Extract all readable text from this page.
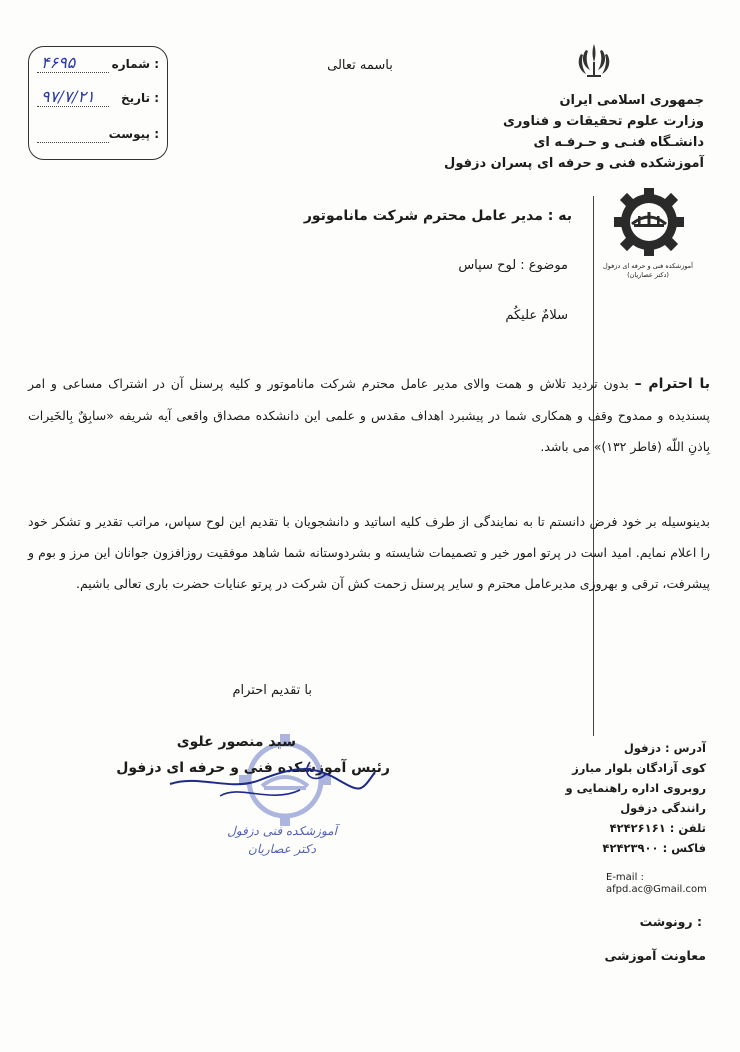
شماره :
۴۶۹۵
تاریخ :
۹۷/۷/۲۱
پیوست :
باسمه تعالی
جمهوری اسلامی ایران
وزارت علوم تحقیقات و فناوری
دانشـگاه فنـی و حـرفـه ای
آموزشکده فنی و حرفه ای پسران دزفول
آموزشکده فنی و حرفه ای دزفول (دکتر عصاریان)
به : مدیر عامل محترم شرکت ماناموتور
موضوع : لوح سپاس
سلامٌ علیکُم
با احترام – بدون تردید تلاش و همت والای مدیر عامل محترم شرکت ماناموتور و کلیه پرسنل آن در اشتراک مساعی و امر پسندیده و ممدوح وقف و همکاری شما در پیشبرد اهداف مقدس و علمی این دانشکده مصداق واقعی آیه شریفه «سابِقٌ بِالخَیرات بِاذنِ اللّه (فاطر ۱۳۲)» می باشد.
بدینوسیله بر خود فرض دانستم تا به نمایندگی از طرف کلیه اساتید و دانشجویان با تقدیم این لوح سپاس، مراتب تقدیر و تشکر خود را اعلام نمایم. امید است در پرتو امور خیر و تصمیمات شایسته و بشردوستانه شما شاهد موفقیت روزافزون جوانان این مرز و بوم و پیشرفت، ترقی و بهروزی مدیرعامل محترم و سایر پرسنل زحمت کش آن شرکت در پرتو عنایات حضرت باری تعالی باشیم.
با تقدیم احترام
سید منصور علوی
رئیس آموزشکده فنی و حرفه ای دزفول
آموزشکده فنی دزفول
دکتر عصاریان
آدرس : دزفول
کوی آزادگان بلوار مبارز
روبروی اداره راهنمایی و
رانندگی دزفول
تلفن : ۴۲۴۲۶۱۶۱
فاکس : ۴۲۴۲۳۹۰۰
E-mail :
afpd.ac@Gmail.com
رونوشت :
معاونت آموزشی
